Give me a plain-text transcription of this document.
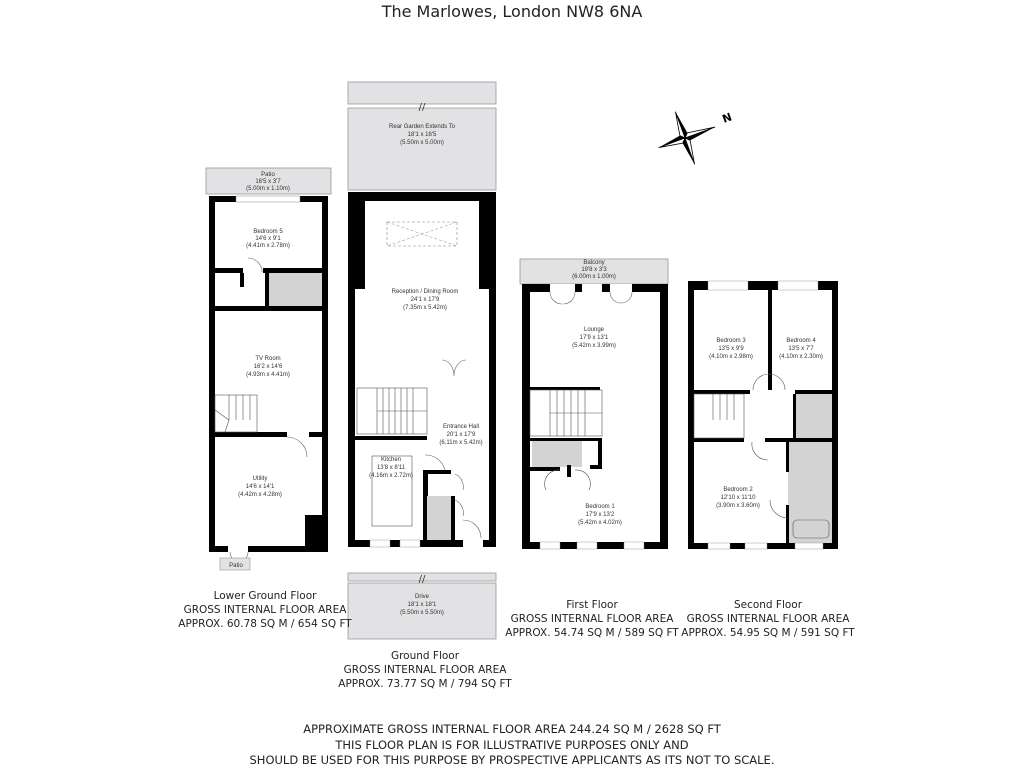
The Marlowes, London NW8 6NA
//
//
N
Patio
16'5 x 3'7
(5.00m x 1.10m)
Bedroom 5
14'6 x 9'1
(4.41m x 2.78m)
TV Room
16'2 x 14'6
(4.93m x 4.41m)
Utility
14'6 x 14'1
(4.42m x 4.28m)
Patio
Rear Garden Extends To
18'1 x 16'5
(5.50m x 5.00m)
Reception / Dining Room
24'1 x 17'9
(7.35m x 5.42m)
Entrance Hall
20'1 x 17'9
(6.11m x 5.42m)
Kitchen
13'8 x 8'11
(4.16m x 2.72m)
Drive
18'1 x 18'1
(5.50m x 5.50m)
Balcony
19'8 x 3'3
(6.00m x 1.00m)
Lounge
17'9 x 13'1
(5.42m x 3.99m)
Bedroom 1
17'9 x 13'2
(5.42m x 4.02m)
Bedroom 3
13'5 x 9'9
(4.10m x 2.98m)
Bedroom 4
13'5 x 7'7
(4.10m x 2.30m)
Bedroom 2
12'10 x 11'10
(3.90m x 3.60m)
Lower Ground Floor
GROSS INTERNAL FLOOR AREA
APPROX. 60.78 SQ M / 654 SQ FT
Ground Floor
GROSS INTERNAL FLOOR AREA
APPROX. 73.77 SQ M / 794 SQ FT
First Floor
GROSS INTERNAL FLOOR AREA
APPROX. 54.74 SQ M / 589 SQ FT
Second Floor
GROSS INTERNAL FLOOR AREA
APPROX. 54.95 SQ M / 591 SQ FT
APPROXIMATE GROSS INTERNAL FLOOR AREA 244.24 SQ M / 2628 SQ FT
THIS FLOOR PLAN IS FOR ILLUSTRATIVE PURPOSES ONLY AND
SHOULD BE USED FOR THIS PURPOSE BY PROSPECTIVE APPLICANTS AS ITS NOT TO SCALE.
